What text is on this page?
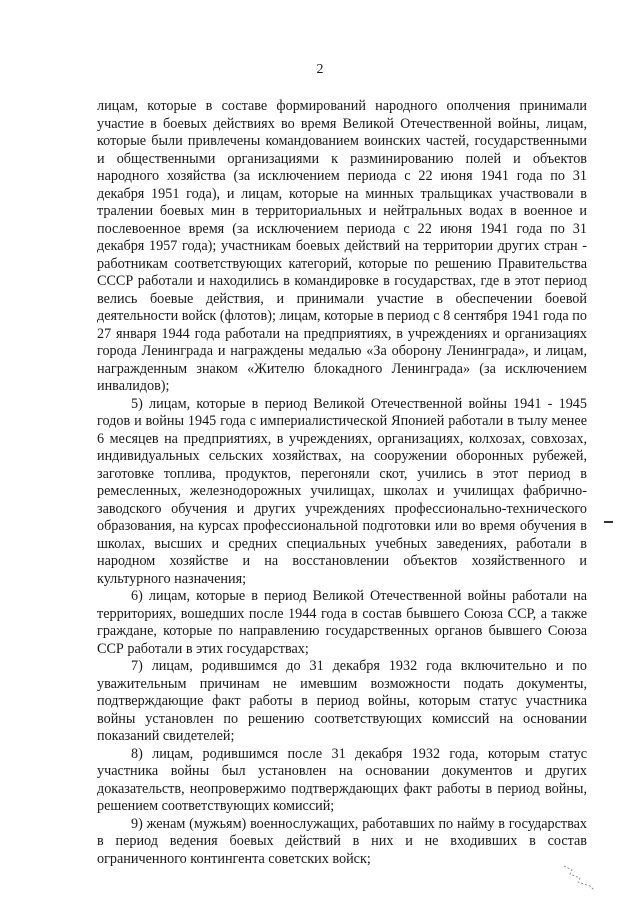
2

лицам, которые в составе формирований народного ополчения принимали участие в боевых действиях во время Великой Отечественной войны, лицам, которые были привлечены командованием воинских частей, государственными и общественными организациями к разминированию полей и объектов народного хозяйства (за исключением периода с 22 июня 1941 года по 31 декабря 1951 года), и лицам, которые на минных тральщиках участвовали в тралении боевых мин в территориальных и нейтральных водах в военное и послевоенное время (за исключением периода с 22 июня 1941 года по 31 декабря 1957 года); участникам боевых действий на территории других стран - работникам соответствующих категорий, которые по решению Правительства СССР работали и находились в командировке в государствах, где в этот период велись боевые действия, и принимали участие в обеспечении боевой деятельности войск (флотов); лицам, которые в период с 8 сентября 1941 года по 27 января 1944 года работали на предприятиях, в учреждениях и организациях города Ленинграда и награждены медалью «За оборону Ленинграда», и лицам, награжденным знаком «Жителю блокадного Ленинграда» (за исключением инвалидов);

5) лицам, которые в период Великой Отечественной войны 1941 - 1945 годов и войны 1945 года с империалистической Японией работали в тылу менее 6 месяцев на предприятиях, в учреждениях, организациях, колхозах, совхозах, индивидуальных сельских хозяйствах, на сооружении оборонных рубежей, заготовке топлива, продуктов, перегоняли скот, учились в этот период в ремесленных, железнодорожных училищах, школах и училищах фабрично-заводского обучения и других учреждениях профессионально-технического образования, на курсах профессиональной подготовки или во время обучения в школах, высших и средних специальных учебных заведениях, работали в народном хозяйстве и на восстановлении объектов хозяйственного и культурного назначения;

6) лицам, которые в период Великой Отечественной войны работали на территориях, вошедших после 1944 года в состав бывшего Союза ССР, а также граждане, которые по направлению государственных органов бывшего Союза ССР работали в этих государствах;

7) лицам, родившимся до 31 декабря 1932 года включительно и по уважительным причинам не имевшим возможности подать документы, подтверждающие факт работы в период войны, которым статус участника войны установлен по решению соответствующих комиссий на основании показаний свидетелей;

8) лицам, родившимся после 31 декабря 1932 года, которым статус участника войны был установлен на основании документов и других доказательств, неопровержимо подтверждающих факт работы в период войны, решением соответствующих комиссий;

9) женам (мужьям) военнослужащих, работавших по найму в государствах в период ведения боевых действий в них и не входивших в состав ограниченного контингента советских войск;
